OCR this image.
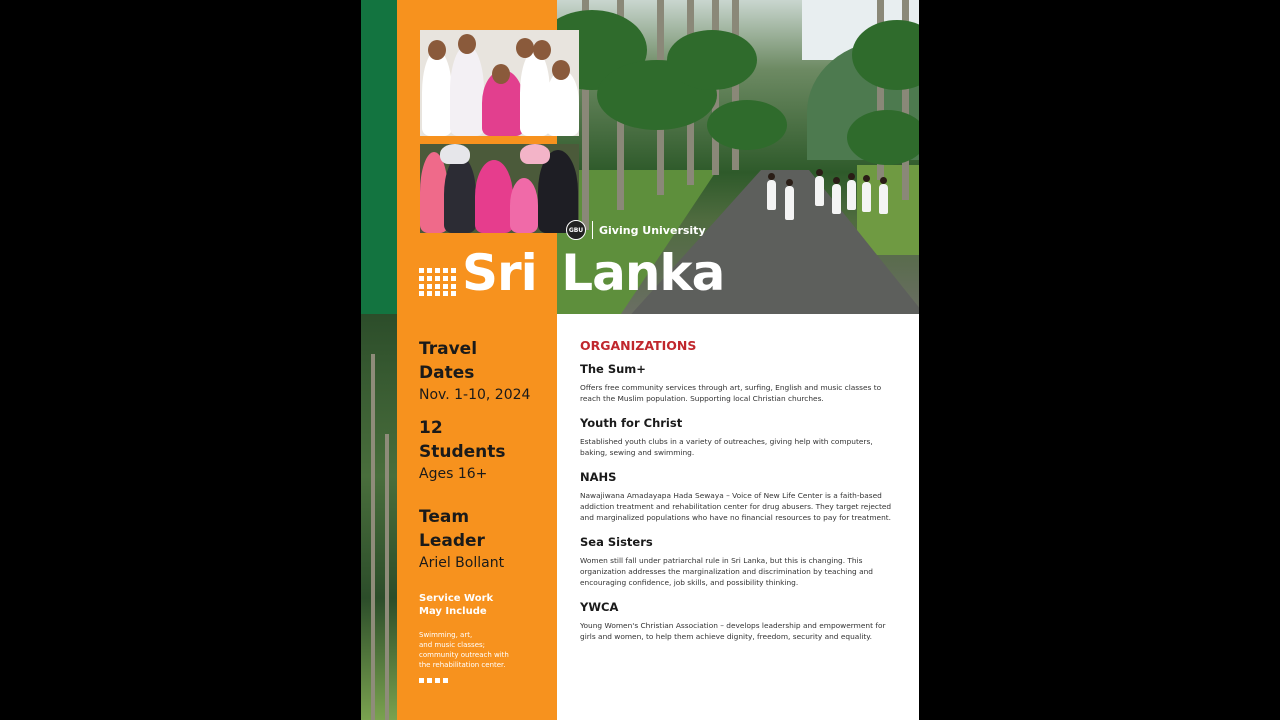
Sri Lanka
GBU Giving University
Travel
Dates
Nov. 1-10, 2024
12
Students
Ages 16+
Team
Leader
Ariel Bollant
Service Work
May Include
Swimming, art,
and music classes;
community outreach with
the rehabilitation center.
ORGANIZATIONS
The Sum+
Offers free community services through art, surfing, English and music classes to reach the Muslim population. Supporting local Christian churches.
Youth for Christ
Established youth clubs in a variety of outreaches, giving help with computers, baking, sewing and swimming.
NAHS
Nawajiwana Amadayapa Hada Sewaya – Voice of New Life Center is a faith-based addiction treatment and rehabilitation center for drug abusers. They target rejected and marginalized populations who have no financial resources to pay for treatment.
Sea Sisters
Women still fall under patriarchal rule in Sri Lanka, but this is changing. This organization addresses the marginalization and discrimination by teaching and encouraging confidence, job skills, and possibility thinking.
YWCA
Young Women's Christian Association – develops leadership and empowerment for girls and women, to help them achieve dignity, freedom, security and equality.
